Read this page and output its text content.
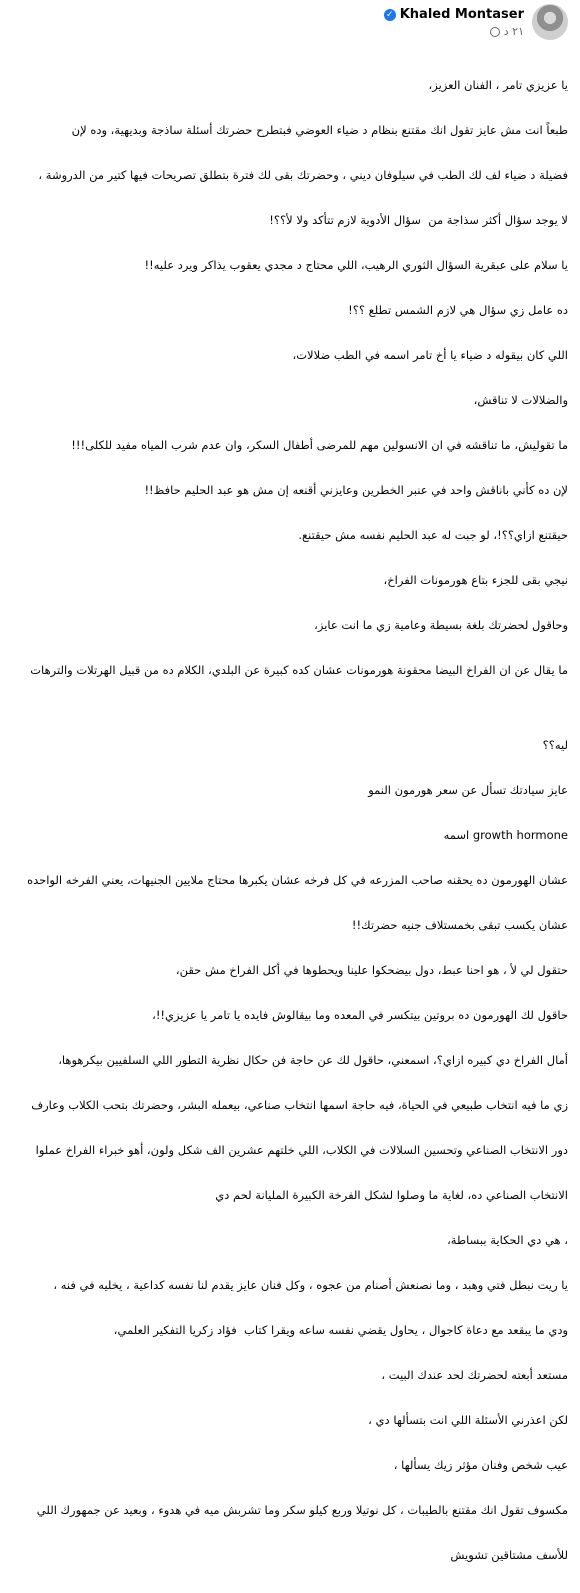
✓ Khaled Montaser
٢١ د

يا عزيزي تامر ، الفنان العزيز،

طبعاً انت مش عايز تقول انك مقتنع بنظام د ضياء العوضي فبتطرح حضرتك أسئلة ساذجة وبديهية، وده لإن

فضيلة د ضياء لف لك الطب في سيلوفان ديني ، وحضرتك بقى لك فترة بتطلق تصريحات فيها كتير من الدروشة ،

لا يوجد سؤال أكثر سذاجة من  سؤال الأدوية لازم تتأكد ولا لأ؟؟!

يا سلام على عبقرية السؤال الثوري الرهيب، اللي محتاج د مجدي يعقوب يذاكر ويرد عليه!!

ده عامل زي سؤال هي لازم الشمس تطلع ؟؟!

اللي كان بيقوله د ضياء يا أخ تامر اسمه في الطب ضلالات،

والضلالات لا تناقش،

ما تقوليش، ما تناقشه في ان الانسولين مهم للمرضى أطفال السكر، وان عدم شرب المياه مفيد للكلى!!!

لإن ده كأني باناقش واحد في عنبر الخطرين وعايزني أقنعه إن مش هو عبد الحليم حافظ!!

حيقتنع ازاي؟؟!، لو جبت له عبد الحليم نفسه مش حيقتنع.

نيجي بقى للجزء بتاع هورمونات الفراخ،

وحاقول لحضرتك بلغة بسيطة وعامية زي ما انت عايز،

ما يقال عن ان الفراخ البيضا محقونة هورمونات عشان كده كبيرة عن البلدي، الكلام ده من قبيل الهرتلات والترهات

ليه؟؟

عايز سيادتك تسأل عن سعر هورمون النمو

اسمه growth hormone

عشان الهورمون ده يحقنه صاحب المزرعه في كل فرخه عشان يكبرها محتاج ملايين الجنيهات، يعني الفرخه الواحده

عشان يكسب تبقى بخمستلاف جنيه حضرتك!!

حتقول لي لأ ، هو احنا عبط، دول بيضحكوا علينا ويحطوها في أكل الفراخ مش حقن،

حاقول لك الهورمون ده بروتين بيتكسر في المعده وما بيقالوش فايده يا تامر يا عزيزي!!،

أمال الفراخ دي كبيره ازاي؟، اسمعني، حاقول لك عن حاجة فن حكال نظرية التطور اللي السلفيين بيكرهوها،

زي ما فيه انتخاب طبيعي في الحياة، فيه حاجة اسمها انتخاب صناعي، بيعمله البشر، وحضرتك بتحب الكلاب وعارف

دور الانتخاب الصناعي وتحسين السلالات في الكلاب، اللي خلتهم عشرين الف شكل ولون، أهو خبراء الفراخ عملوا

الانتخاب الصناعي ده، لغاية ما وصلوا لشكل الفرخة الكبيرة المليانة لحم دي

، هي دي الحكاية ببساطة،

يا ريت نبطل فتي وهبد ، وما نصنعش أصنام من عجوه ، وكل فنان عايز يقدم لنا نفسه كداعية ، يخليه في فنه ،

ودي ما يبقعد مع دعاة كاجوال ، يحاول يقضي نفسه ساعه ويقرا كتاب  فؤاد زكريا التفكير العلمي،

مستعد أبعته لحضرتك لحد عندك البيت ،

لكن اعذرني الأسئلة اللي انت بتسألها دي ،

عيب شخص وفنان مؤثر زيك يسألها ،

مكسوف تقول انك مقتنع بالطيبات ، كل نوتيلا وربع كيلو سكر وما تشربش ميه في هدوء ، وبعيد عن جمهورك اللي

للأسف مشتاقين تشويش
